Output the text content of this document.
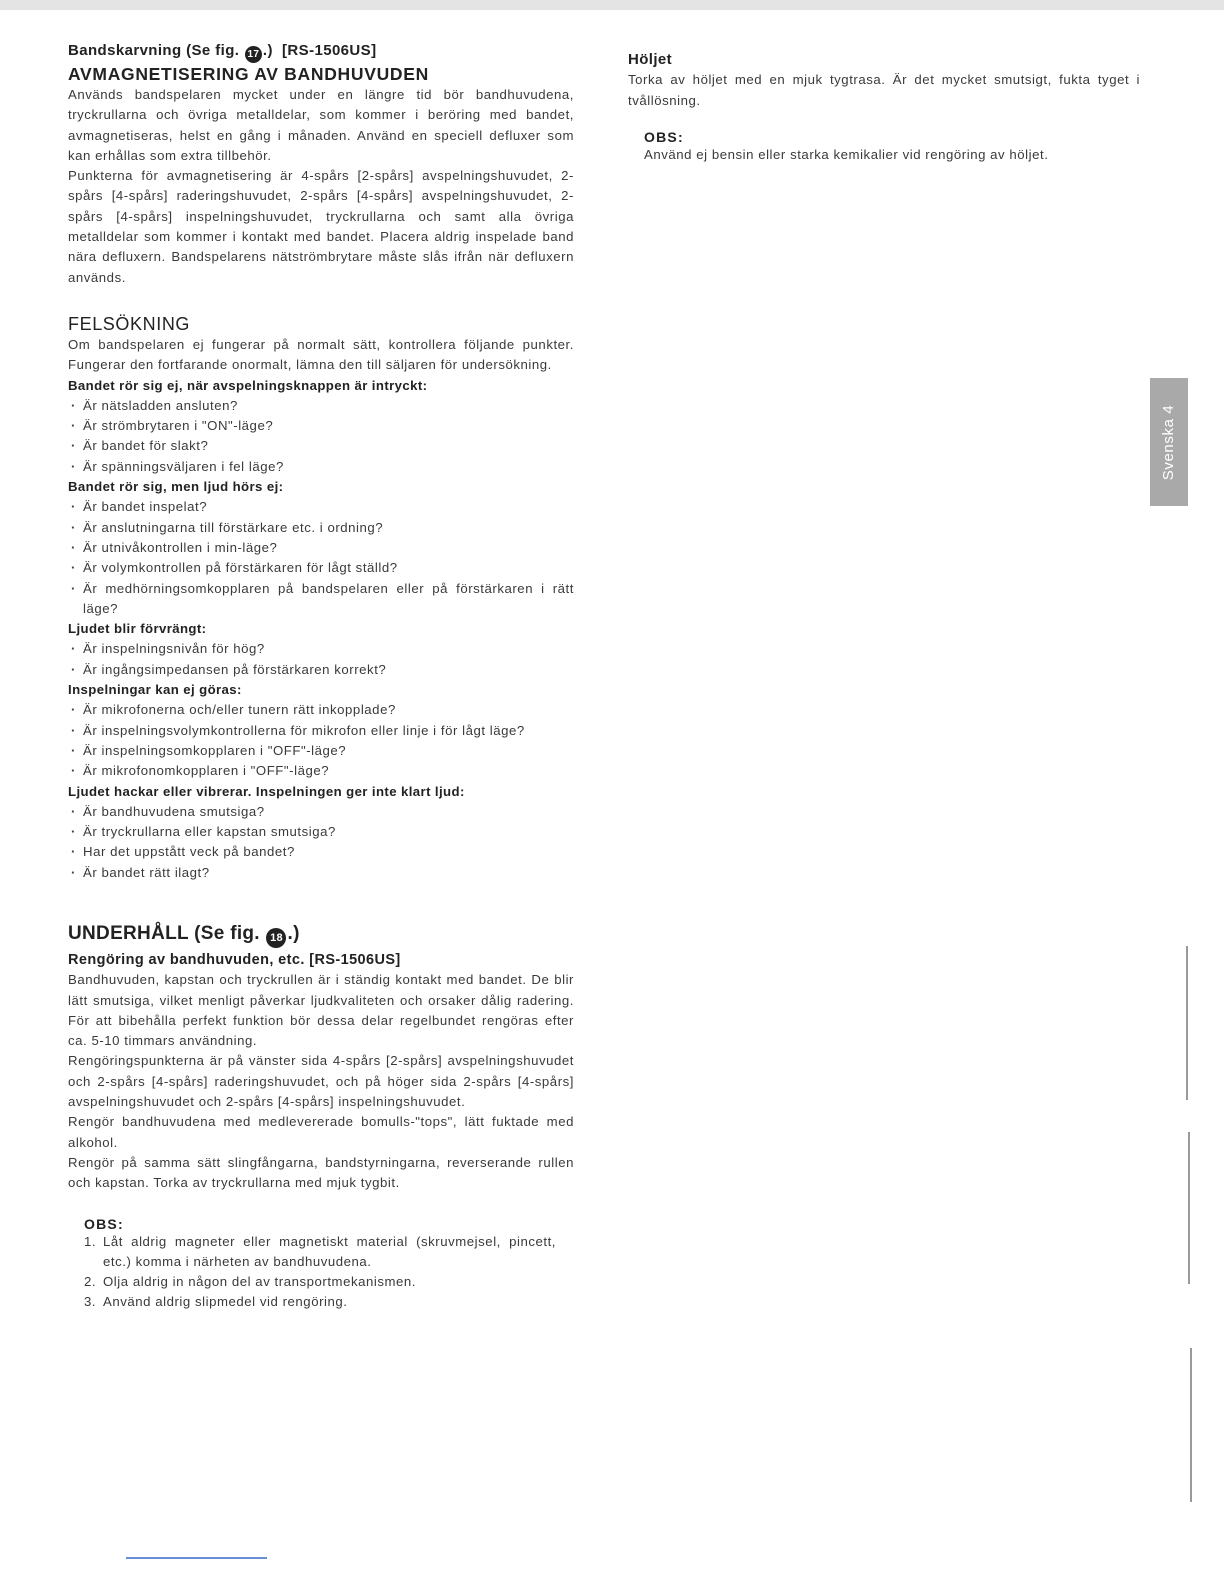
Bandskarvning (Se fig. 17 .) [RS-1506US]
AVMAGNETISERING AV BANDHUVUDEN

Används bandspelaren mycket under en längre tid bör bandhuvudena, tryckrullarna och övriga metalldelar, som kommer i beröring med bandet, avmagnetiseras, helst en gång i månaden. Använd en speciell defluxer som kan erhållas som extra tillbehör.

Punkterna för avmagnetisering är 4-spårs [2-spårs] avspelningshuvudet, 2-spårs [4-spårs] raderingshuvudet, 2-spårs [4-spårs] avspelningshuvudet, 2-spårs [4-spårs] inspelningshuvudet, tryckrullarna och samt alla övriga metalldelar som kommer i kontakt med bandet. Placera aldrig inspelade band nära defluxern. Bandspelarens nätströmbrytare måste slås ifrån när defluxern används.

FELSÖKNING

Om bandspelaren ej fungerar på normalt sätt, kontrollera följande punkter. Fungerar den fortfarande onormalt, lämna den till säljaren för undersökning.

Bandet rör sig ej, när avspelningsknappen är intryckt:
· Är nätsladden ansluten?
· Är strömbrytaren i "ON"-läge?
· Är bandet för slakt?
· Är spänningsväljaren i fel läge?
Bandet rör sig, men ljud hörs ej:
· Är bandet inspelat?
· Är anslutningarna till förstärkare etc. i ordning?
· Är utnivåkontrollen i min-läge?
· Är volymkontrollen på förstärkaren för lågt ställd?
· Är medhörningsomkopplaren på bandspelaren eller på förstärkaren i rätt läge?
Ljudet blir förvrängt:
· Är inspelningsnivån för hög?
· Är ingångsimpedansen på förstärkaren korrekt?
Inspelningar kan ej göras:
· Är mikrofonerna och/eller tunern rätt inkopplade?
· Är inspelningsvolymkontrollerna för mikrofon eller linje i för lågt läge?
· Är inspelningsomkopplaren i "OFF"-läge?
· Är mikrofonomkopplaren i "OFF"-läge?
Ljudet hackar eller vibrerar. Inspelningen ger inte klart ljud:
· Är bandhuvudena smutsiga?
· Är tryckrullarna eller kapstan smutsiga?
· Har det uppstått veck på bandet?
· Är bandet rätt ilagt?
UNDERHÅLL (Se fig. 18 .)
Rengöring av bandhuvuden, etc. [RS-1506US]

Bandhuvuden, kapstan och tryckrullen är i ständig kontakt med bandet. De blir lätt smutsiga, vilket menligt påverkar ljudkvaliteten och orsaker dålig radering. För att bibehålla perfekt funktion bör dessa delar regelbundet rengöras efter ca. 5-10 timmars användning.

Rengöringspunkterna är på vänster sida 4-spårs [2-spårs] avspelningshuvudet och 2-spårs [4-spårs] raderingshuvudet, och på höger sida 2-spårs [4-spårs] avspelningshuvudet och 2-spårs [4-spårs] inspelningshuvudet.

Rengör bandhuvudena med medlevererade bomulls-"tops", lätt fuktade med alkohol.

Rengör på samma sätt slingfångarna, bandstyrningarna, reverserande rullen och kapstan. Torka av tryckrullarna med mjuk tygbit.

OBS:
1. Låt aldrig magneter eller magnetiskt material (skruvmejsel, pincett, etc.) komma i närheten av bandhuvudena.
2. Olja aldrig in någon del av transportmekanismen.
3. Använd aldrig slipmedel vid rengöring.
Höljet

Torka av höljet med en mjuk tygtrasa. Är det mycket smutsigt, fukta tyget i tvållösning.

OBS:

Använd ej bensin eller starka kemikalier vid rengöring av höljet.

Svenska 4
